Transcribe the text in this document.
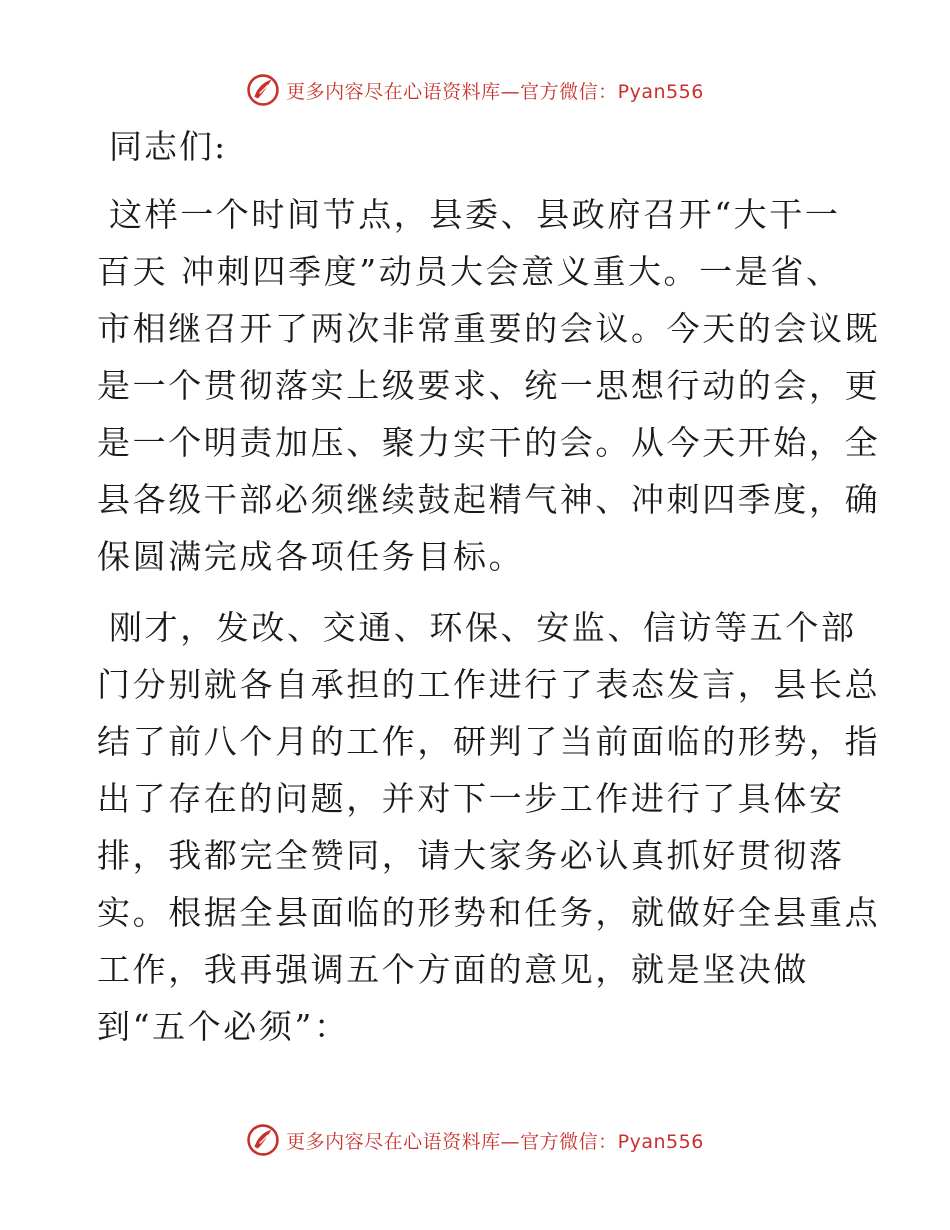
更多内容尽在心语资料库—官方微信：Pyan556

同志们:

这样一个时间节点，县委、县政府召开“大干一
百天 冲刺四季度”动员大会意义重大。一是省、
市相继召开了两次非常重要的会议。今天的会议既
是一个贯彻落实上级要求、统一思想行动的会，更
是一个明责加压、聚力实干的会。从今天开始，全
县各级干部必须继续鼓起精气神、冲刺四季度，确
保圆满完成各项任务目标。
刚才，发改、交通、环保、安监、信访等五个部
门分别就各自承担的工作进行了表态发言，县长总
结了前八个月的工作，研判了当前面临的形势，指
出了存在的问题，并对下一步工作进行了具体安
排，我都完全赞同，请大家务必认真抓好贯彻落
实。根据全县面临的形势和任务，就做好全县重点
工作，我再强调五个方面的意见，就是坚决做
到“五个必须”：
更多内容尽在心语资料库—官方微信：Pyan556
